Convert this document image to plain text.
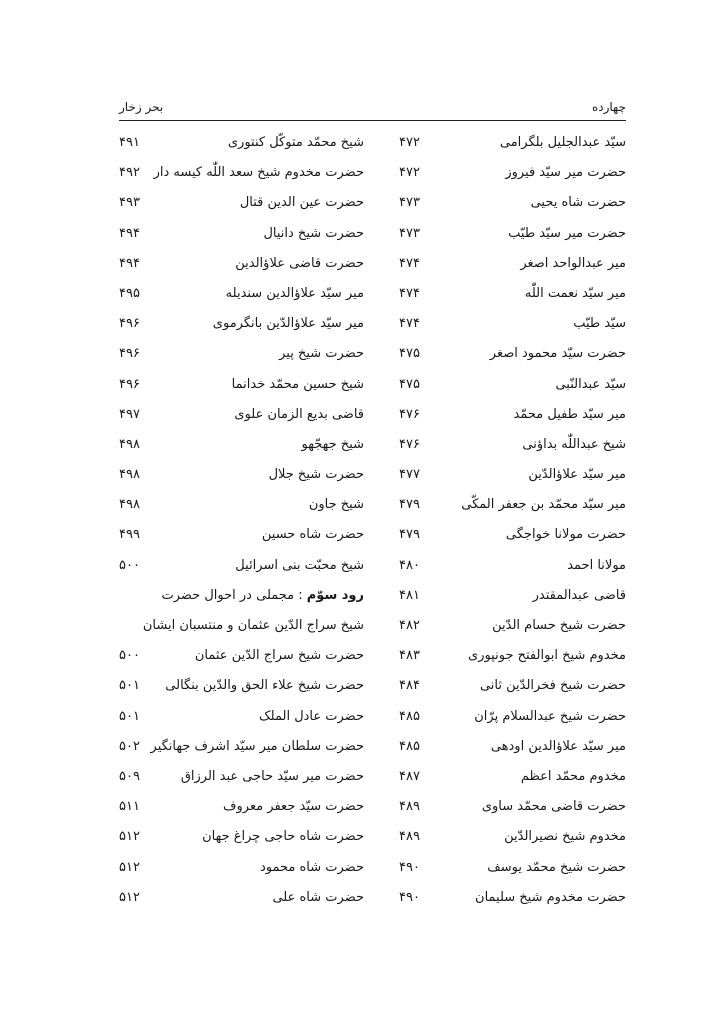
چهارده
بحر زخار
سیّد عبدالجلیل بلگرامی
۴۷۲
شیخ محمّد متوکّل کنتوری
۴۹۱
حضرت میر سیّد فیروز
۴۷۲
حضرت مخدوم شیخ سعد اللّٰه کیسه دار
۴۹۲
حضرت شاه یحیی
۴۷۳
حضرت عین الدین قتال
۴۹۳
حضرت میر سیّد طیّب
۴۷۳
حضرت شیخ دانیال
۴۹۴
میر عبدالواحد اصغر
۴۷۴
حضرت قاضی علاؤالدین
۴۹۴
میر سیّد نعمت اللّٰه
۴۷۴
میر سیّد علاؤالدین سندیله
۴۹۵
سیّد طیّب
۴۷۴
میر سیّد علاؤالدّین بانگرموی
۴۹۶
حضرت سیّد محمود اصغر
۴۷۵
حضرت شیخ پیر
۴۹۶
سیّد عبدالنّبی
۴۷۵
شیخ حسین محمّد خدانما
۴۹۶
میر سیّد طفیل محمّد
۴۷۶
قاضی بدیع الزمان علوی
۴۹۷
شیخ عبداللّٰه بداؤنی
۴۷۶
شیخ جهجّهو
۴۹۸
میر سیّد علاؤالدّین
۴۷۷
حضرت شیخ جلال
۴۹۸
میر سیّد محمّد بن جعفر المکّی
۴۷۹
شیخ جاون
۴۹۸
حضرت مولانا خواجگی
۴۷۹
حضرت شاه حسین
۴۹۹
مولانا احمد
۴۸۰
شیخ محبّت بنی اسرائیل
۵۰۰
قاضی عبدالمقتدر
۴۸۱
رود سوّم : مجملی در احوال حضرت
حضرت شیخ حسام الدّین
۴۸۲
شیخ سراج الدّین عثمان و منتسبان ایشان
مخدوم شیخ ابوالفتح جونپوری
۴۸۳
حضرت شیخ سراج الدّین عثمان
۵۰۰
حضرت شیخ فخرالدّین ثانی
۴۸۴
حضرت شیخ علاء الحق والدّین بنگالی
۵۰۱
حضرت شیخ عبدالسلام پرّان
۴۸۵
حضرت عادل الملک
۵۰۱
میر سیّد علاؤالدین اودهی
۴۸۵
حضرت سلطان میر سیّد اشرف جهانگیر
۵۰۲
مخدوم محمّد اعظم
۴۸۷
حضرت میر سیّد حاجی عبد الرزاق
۵۰۹
حضرت قاضی محمّد ساوی
۴۸۹
حضرت سیّد جعفر معروف
۵۱۱
مخدوم شیخ نصیرالدّین
۴۸۹
حضرت شاه حاجی چراغ جهان
۵۱۲
حضرت شیخ محمّد یوسف
۴۹۰
حضرت شاه محمود
۵۱۲
حضرت مخدوم شیخ سلیمان
۴۹۰
حضرت شاه علی
۵۱۲
